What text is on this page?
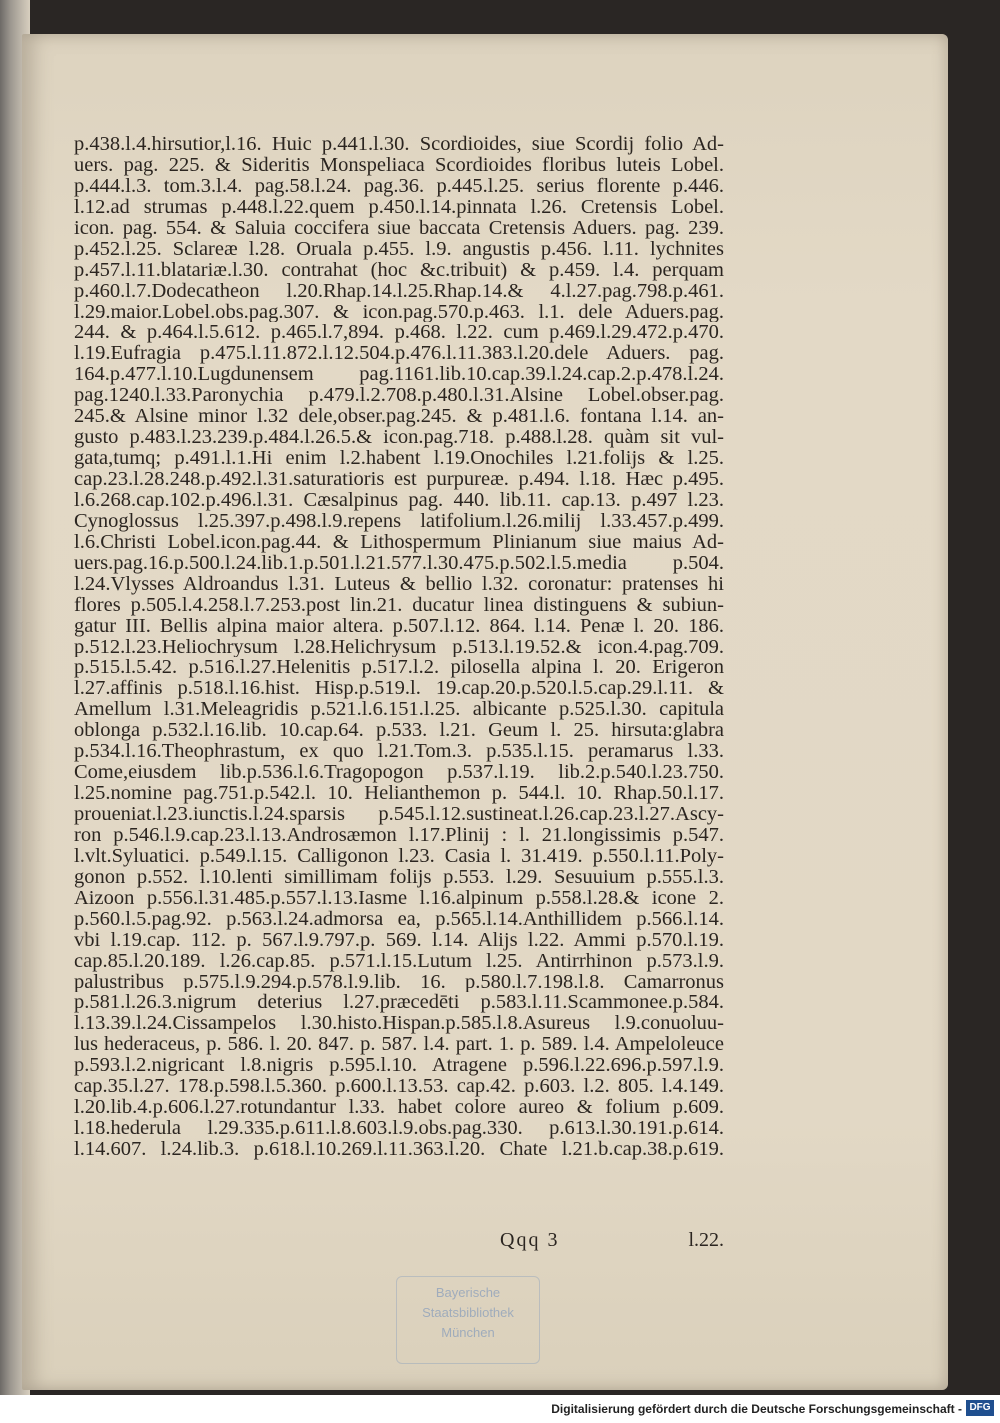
p.438.l.4.hirsutior,l.16. Huic p.441.l.30. Scordioides, siue Scordij folio Ad-
uers. pag. 225. & Sideritis Monspeliaca Scordioides floribus luteis Lobel.
p.444.l.3. tom.3.l.4. pag.58.l.24. pag.36. p.445.l.25. serius florente p.446.
l.12.ad strumas p.448.l.22.quem p.450.l.14.pinnata l.26. Cretensis Lobel.
icon. pag. 554. & Saluia coccifera siue baccata Cretensis Aduers. pag. 239.
p.452.l.25. Sclareæ l.28. Oruala p.455. l.9. angustis p.456. l.11. lychnites
p.457.l.11.blatariæ.l.30. contrahat (hoc &c.tribuit) & p.459. l.4. perquam
p.460.l.7.Dodecatheon l.20.Rhap.14.l.25.Rhap.14.& 4.l.27.pag.798.p.461.
l.29.maior.Lobel.obs.pag.307. & icon.pag.570.p.463. l.1. dele Aduers.pag.
244. & p.464.l.5.612. p.465.l.7,894. p.468. l.22. cum p.469.l.29.472.p.470.
l.19.Eufragia p.475.l.11.872.l.12.504.p.476.l.11.383.l.20.dele Aduers. pag.
164.p.477.l.10.Lugdunensem pag.1161.lib.10.cap.39.l.24.cap.2.p.478.l.24.
pag.1240.l.33.Paronychia p.479.l.2.708.p.480.l.31.Alsine Lobel.obser.pag.
245.& Alsine minor l.32 dele,obser.pag.245. & p.481.l.6. fontana l.14. an-
gusto p.483.l.23.239.p.484.l.26.5.& icon.pag.718. p.488.l.28. quàm sit vul-
gata,tumq; p.491.l.1.Hi enim l.2.habent l.19.Onochiles l.21.folijs & l.25.
cap.23.l.28.248.p.492.l.31.saturatioris est purpureæ. p.494. l.18. Hæc p.495.
l.6.268.cap.102.p.496.l.31. Cæsalpinus pag. 440. lib.11. cap.13. p.497 l.23.
Cynoglossus l.25.397.p.498.l.9.repens latifolium.l.26.milij l.33.457.p.499.
l.6.Christi Lobel.icon.pag.44. & Lithospermum Plinianum siue maius Ad-
uers.pag.16.p.500.l.24.lib.1.p.501.l.21.577.l.30.475.p.502.l.5.media p.504.
l.24.Vlysses Aldroandus l.31. Luteus & bellio l.32. coronatur: pratenses hi
flores p.505.l.4.258.l.7.253.post lin.21. ducatur linea distinguens & subiun-
gatur III. Bellis alpina maior altera. p.507.l.12. 864. l.14. Penæ l. 20. 186.
p.512.l.23.Heliochrysum l.28.Helichrysum p.513.l.19.52.& icon.4.pag.709.
p.515.l.5.42. p.516.l.27.Helenitis p.517.l.2. pilosella alpina l. 20. Erigeron
l.27.affinis p.518.l.16.hist. Hisp.p.519.l. 19.cap.20.p.520.l.5.cap.29.l.11. &
Amellum l.31.Meleagridis p.521.l.6.151.l.25. albicante p.525.l.30. capitula
oblonga p.532.l.16.lib. 10.cap.64. p.533. l.21. Geum l. 25. hirsuta:glabra
p.534.l.16.Theophrastum, ex quo l.21.Tom.3. p.535.l.15. peramarus l.33.
Come,eiusdem lib.p.536.l.6.Tragopogon p.537.l.19. lib.2.p.540.l.23.750.
l.25.nomine pag.751.p.542.l. 10. Helianthemon p. 544.l. 10. Rhap.50.l.17.
proueniat.l.23.iunctis.l.24.sparsis p.545.l.12.sustineat.l.26.cap.23.l.27.Ascy-
ron p.546.l.9.cap.23.l.13.Androsæmon l.17.Plinij : l. 21.longissimis p.547.
l.vlt.Syluatici. p.549.l.15. Calligonon l.23. Casia l. 31.419. p.550.l.11.Poly-
gonon p.552. l.10.lenti simillimam folijs p.553. l.29. Sesuuium p.555.l.3.
Aizoon p.556.l.31.485.p.557.l.13.Iasme l.16.alpinum p.558.l.28.& icone 2.
p.560.l.5.pag.92. p.563.l.24.admorsa ea, p.565.l.14.Anthillidem p.566.l.14.
vbi l.19.cap. 112. p. 567.l.9.797.p. 569. l.14. Alijs l.22. Ammi p.570.l.19.
cap.85.l.20.189. l.26.cap.85. p.571.l.15.Lutum l.25. Antirrhinon p.573.l.9.
palustribus p.575.l.9.294.p.578.l.9.lib. 16. p.580.l.7.198.l.8. Camarronus
p.581.l.26.3.nigrum deterius l.27.præcedēti p.583.l.11.Scammonee.p.584.
l.13.39.l.24.Cissampelos l.30.histo.Hispan.p.585.l.8.Asureus l.9.conuoluu-
lus hederaceus, p. 586. l. 20. 847. p. 587. l.4. part. 1. p. 589. l.4. Ampeloleuce
p.593.l.2.nigricant l.8.nigris p.595.l.10. Atragene p.596.l.22.696.p.597.l.9.
cap.35.l.27. 178.p.598.l.5.360. p.600.l.13.53. cap.42. p.603. l.2. 805. l.4.149.
l.20.lib.4.p.606.l.27.rotundantur l.33. habet colore aureo & folium p.609.
l.18.hederula l.29.335.p.611.l.8.603.l.9.obs.pag.330. p.613.l.30.191.p.614.
l.14.607. l.24.lib.3. p.618.l.10.269.l.11.363.l.20. Chate l.21.b.cap.38.p.619.
Qqq 3	l.22.
Bayerische
Staatsbibliothek
München
Digitalisierung gefördert durch die Deutsche Forschungsgemeinschaft - DFG
